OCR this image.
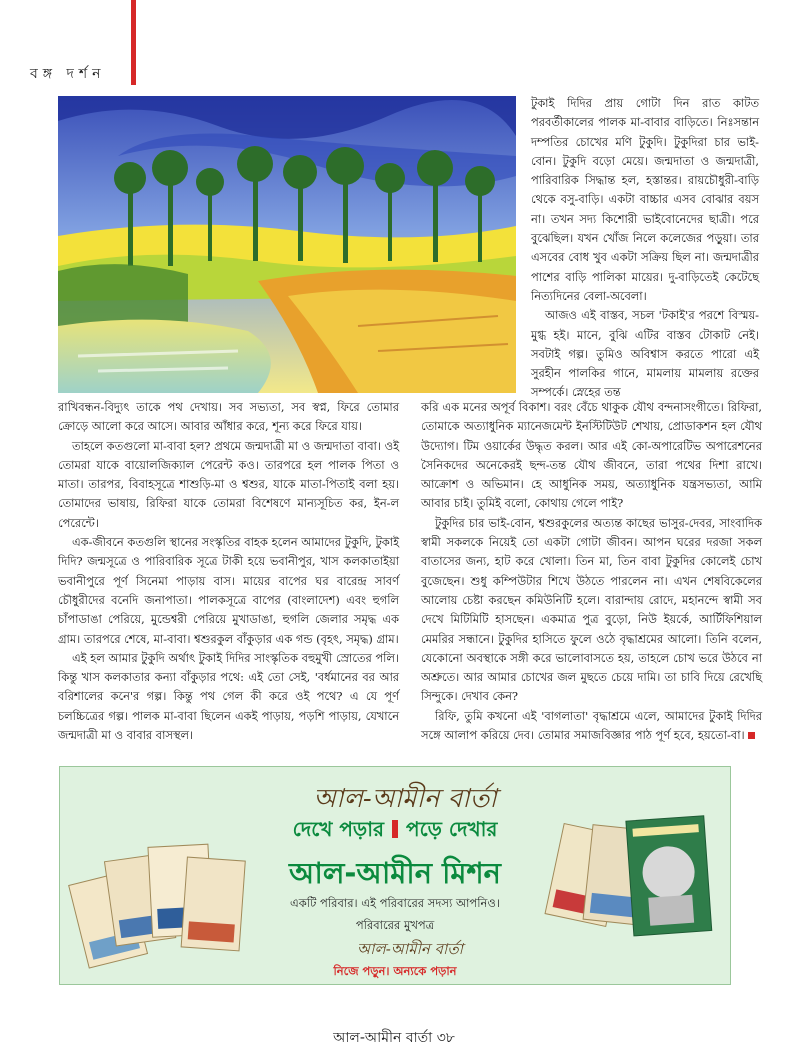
বঙ্গ দর্শন

টুকাই দিদির প্রায় গোটা দিন রাত কাটত পরবর্তীকালের পালক মা-বাবার বাড়িতে। নিঃসন্তান দম্পতির চোখের মণি টুকুদি। টুকুদিরা চার ভাই-বোন। টুকুদি বড়ো মেয়ে। জন্মদাতা ও জন্মদাত্রী, পারিবারিক সিদ্ধান্ত হল, হস্তান্তর। রায়চৌধুরী-বাড়ি থেকে বসু-বাড়ি। একটা বাচ্চার এসব বোঝার বয়স না। তখন সদ্য কিশোরী ভাইবোনেদের ছাত্রী। পরে বুঝেছিল। যখন খোঁজ নিলে কলেজের পড়ুয়া। তার এসবের বোধ খুব একটা সক্রিয় ছিল না। জন্মদাত্রীর পাশের বাড়ি পালিকা মায়ের। দু-বাড়িতেই কেটেছে নিত্যদিনের বেলা-অবেলা।

আজও এই বাস্তব, সচল 'টকাই'র পরশে বিস্ময়-মুগ্ধ হই। মানে, বুঝি এটির বাস্তব টোকাট নেই। সবটাই গল্প। তুমিও অবিশ্বাস করতে পারো এই সুরহীন পালকির গানে, মামলায় মামলায় রক্তের সম্পর্কে। স্নেহের তন্ত

রাখিবন্ধন-বিদ্যুৎ তাকে পথ দেখায়। সব সভ্যতা, সব স্বপ্ন, ফিরে তোমার ক্রোড়ে আলো করে আসে। আবার আঁধার করে, শূন্য করে ফিরে যায়।

তাহলে কতগুলো মা-বাবা হল? প্রথমে জন্মদাত্রী মা ও জন্মদাতা বাবা। ওই তোমরা যাকে বায়োলজিক্যাল পেরেন্ট কও। তারপরে হল পালক পিতা ও মাতা। তারপর, বিবাহসূত্রে শাশুড়ি-মা ও শ্বশুর, যাকে মাতা-পিতাই বলা হয়। তোমাদের ভাষায়, রিফিরা যাকে তোমরা বিশেষণে মান্যসূচিত কর, ইন-ল পেরেন্টে।

এক-জীবনে কতগুলি স্থানের সংস্কৃতির বাহক হলেন আমাদের টুকুদি, টুকাই দিদি? জন্মসূত্রে ও পারিবারিক সূত্রে টাকী হয়ে ভবানীপুর, খাস কলকাতাইয়া ভবানীপুরে পূর্ণ সিনেমা পাড়ায় বাস। মায়ের বাপের ঘর বারেন্দ্র সাবর্ণ চৌধুরীদের বনেদি জনাপাতা। পালকসূত্রে বাপের (বাংলাদেশ) এবং হুগলি চাঁপাডাঙা পেরিয়ে, মুন্ডেশ্বরী পেরিয়ে মুখাডাঙা, হুগলি জেলার সমৃদ্ধ এক গ্রাম। তারপরে শেষে, মা-বাবা। শ্বশুরকুল বাঁকুড়ার এক গন্ড (বৃহৎ, সমৃদ্ধ) গ্রাম।

এই হল আমার টুকুদি অর্থাৎ টুকাই দিদির সাংস্কৃতিক বহুমুখী স্রোতের পলি। কিন্তু খাস কলকাতার কন্যা বাঁকুড়ার পথে: এই তো সেই, 'বর্ধমানের বর আর বরিশালের কনে'র গল্প। কিন্তু পথ গেল কী করে ওই পথে? এ যে পূর্ণ চলচ্চিত্রের গল্প। পালক মা-বাবা ছিলেন একই পাড়ায়, পড়শি পাড়ায়, যেখানে জন্মদাত্রী মা ও বাবার বাসস্থল।

করি এক মনের অপূর্ব বিকাশ। বরং বেঁচে থাকুক যৌথ বন্দনাসংগীতে। রিফিরা, তোমাকে অত্যাধুনিক ম্যানেজমেন্ট ইনস্টিটিউট শেখায়, প্রোডাকশন হল যৌথ উদ্যোগ। টিম ওয়ার্কের উদ্ধৃত করল। আর এই কো-অপারেটিভ অপারেশনের সৈনিকদের অনেকেরই ছন্দ-তন্ত যৌথ জীবনে, তারা পথের দিশা রাখে। আক্রোশ ও অভিমান। হে আধুনিক সময়, অত্যাধুনিক যন্ত্রসভ্যতা, আমি আবার চাই। তুমিই বলো, কোথায় গেলে পাই?

টুকুদির চার ভাই-বোন, শ্বশুরকুলের অত্যন্ত কাছের ভাসুর-দেবর, সাংবাদিক স্বামী সকলকে নিয়েই তো একটা গোটা জীবন। আপন ঘরের দরজা সকল বাতাসের জন্য, হাট করে খোলা। তিন মা, তিন বাবা টুকুদির কোলেই চোখ বুজেছেন। শুধু কম্পিউটার শিখে উঠতে পারলেন না। এখন শেষবিকেলের আলোয় চেষ্টা করছেন কমিউনিটি হলে। বারান্দায় রোদে, মহানন্দে স্বামী সব দেখে মিটিমিটি হাসছেন। একমাত্র পুত্র বুড়ো, নিউ ইয়র্কে, আর্টিফিশিয়াল মেমরির সন্ধানে। টুকুদির হাসিতে ফুলে ওঠে বৃদ্ধাশ্রমের আলো। তিনি বলেন, যেকোনো অবস্থাকে সঙ্গী করে ভালোবাসতে হয়, তাহলে চোখ ভরে উঠবে না অশ্রুতে। আর আমার চোখের জল মুছতে চেয়ে দামি। তা চাবি দিয়ে রেখেছি সিন্দুকে। দেখাব কেন?

রিফি, তুমি কখনো এই 'বাগলাতা' বৃদ্ধাশ্রমে এলে, আমাদের টুকাই দিদির সঙ্গে আলাপ করিয়ে দেব। তোমার সমাজবিজ্ঞার পাঠ পূর্ণ হবে, হয়তো-বা।

আল-আমীন বার্তা
দেখে পড়ার পড়ে দেখার
আল-আমীন মিশন
একটি পরিবার। এই পরিবারের সদস্য আপনিও।
পরিবারের মুখপত্র
আল-আমীন বার্তা
নিজে পড়ুন। অন্যকে পড়ান
আল-আমীন বার্তা ৩৮
